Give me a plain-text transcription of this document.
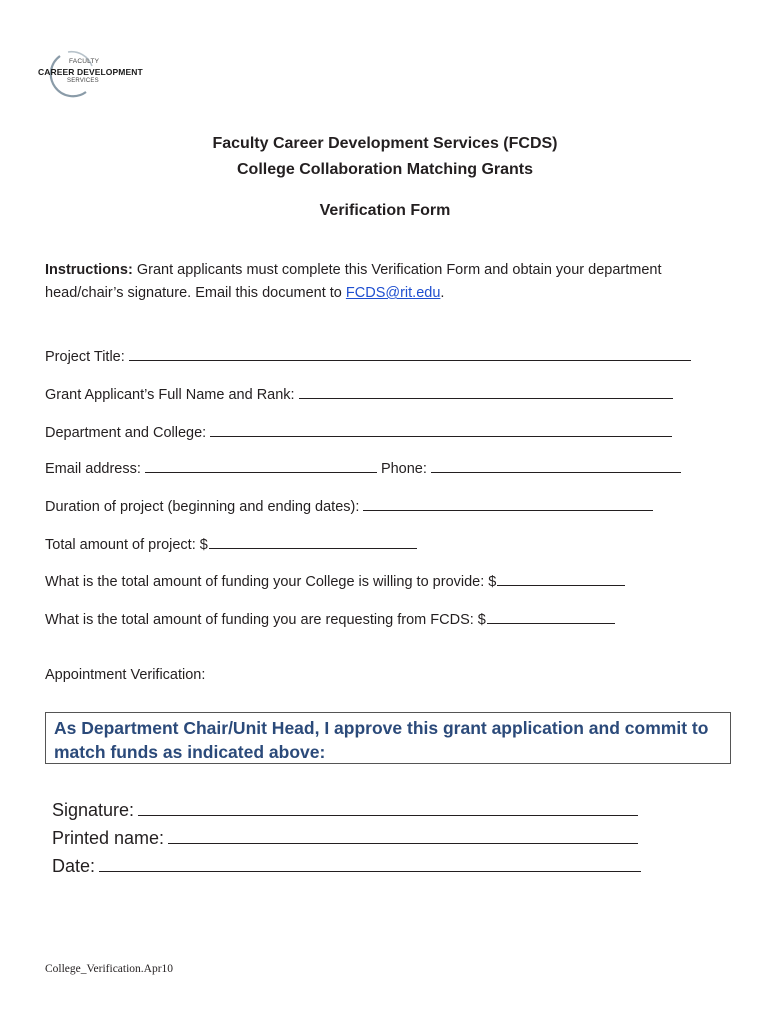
FACULTY
CAREER DEVELOPMENT
SERVICES
Faculty Career Development Services (FCDS)
College Collaboration Matching Grants
Verification Form
Instructions: Grant applicants must complete this Verification Form and obtain your department head/chair’s signature. Email this document to FCDS@rit.edu.
Project Title:
Grant Applicant’s Full Name and Rank:
Department and College:
Email address:	Phone:
Duration of project (beginning and ending dates):
Total amount of project: $
What is the total amount of funding your College is willing to provide: $
What is the total amount of funding you are requesting from FCDS: $
Appointment Verification:
As Department Chair/Unit Head, I approve this grant application and commit to match funds as indicated above:
Signature:
Printed name:
Date:
College_Verification.Apr10
